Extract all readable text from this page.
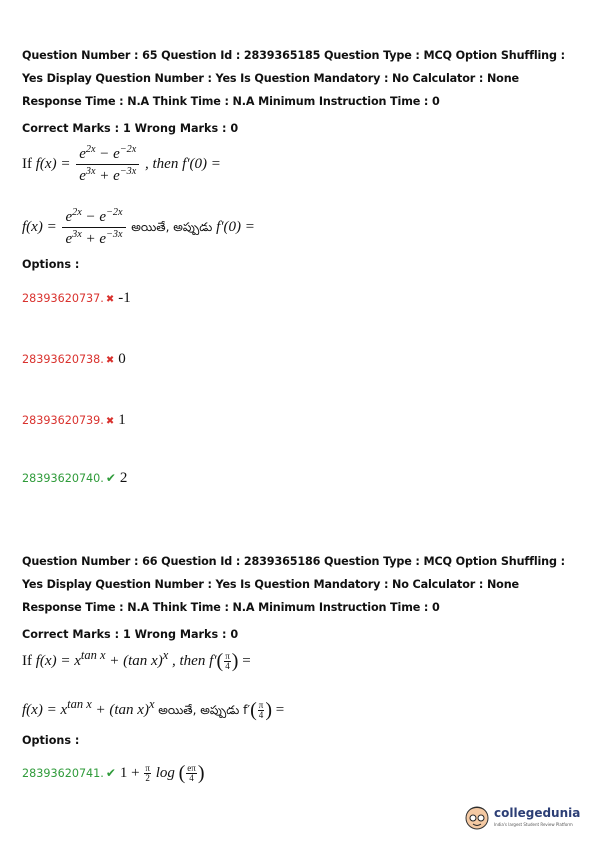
Question Number : 65 Question Id : 2839365185 Question Type : MCQ Option Shuffling : Yes Display Question Number : Yes Is Question Mandatory : No Calculator : None Response Time : N.A Think Time : N.A Minimum Instruction Time : 0
Correct Marks : 1 Wrong Marks : 0
If $f(x) = \frac{e^{2x} - e^{-2x}}{e^{3x} + e^{-3x}}$ , then f′(0) =
$f(x) = \frac{e^{2x} - e^{-2x}}{e^{3x} + e^{-3x}}$ అయితే, అప్పుడు f′(0) =
Options :
28393620737. ✖ -1
28393620738. ✖ 0
28393620739. ✖ 1
28393620740. ✔ 2
Question Number : 66 Question Id : 2839365186 Question Type : MCQ Option Shuffling : Yes Display Question Number : Yes Is Question Mandatory : No Calculator : None Response Time : N.A Think Time : N.A Minimum Instruction Time : 0
Correct Marks : 1 Wrong Marks : 0
If $f(x) = x^{tan x} + (\tan$ x)$^x$ , then $f'( \frac{\pi}{4}$ ) =
$f(x) = x^{tan x} + (\tan$ x)$^x$ అయితే, అప్పుడు $f'( \frac{\pi}{4}$ ) =
Options :
28393620741. ✔ $1 + \frac{\pi}{2}$ log ( $\frac{e\pi}{4}$ )
collegedunia
India's largest Student Review Platform
